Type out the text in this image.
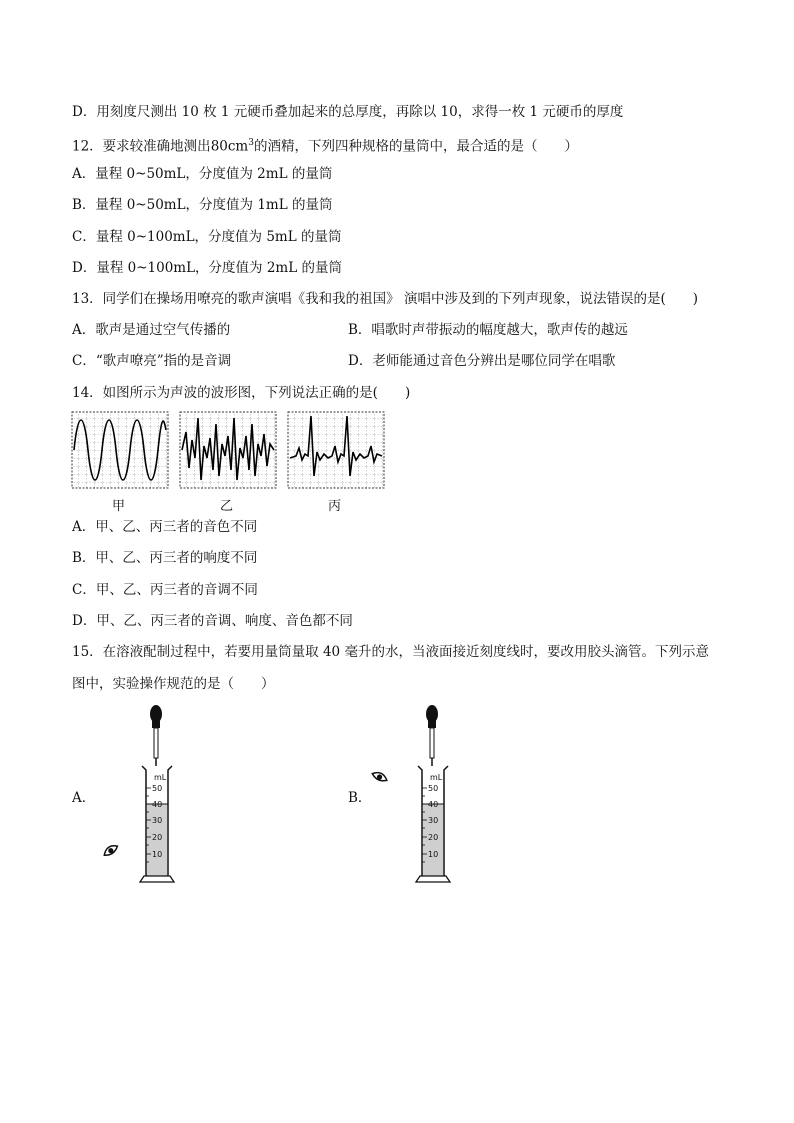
D．用刻度尺测出 10 枚 1 元硬币叠加起来的总厚度，再除以 10，求得一枚 1 元硬币的厚度
12．要求较准确地测出$80cm^3$的酒精，下列四种规格的量筒中，最合适的是（　　）
A．量程 0~50mL，分度值为 2mL 的量筒
B．量程 0~50mL，分度值为 1mL 的量筒
C．量程 0~100mL，分度值为 5mL 的量筒
D．量程 0~100mL，分度值为 2mL 的量筒
13．同学们在操场用嘹亮的歌声演唱《我和我的祖国》 演唱中涉及到的下列声现象，说法错误的是(　　)
A．歌声是通过空气传播的	B．唱歌时声带振动的幅度越大，歌声传的越远
C．“歌声嘹亮”指的是音调	D．老师能通过音色分辨出是哪位同学在唱歌
14．如图所示为声波的波形图，下列说法正确的是(　　)
甲	乙	丙
A．甲、乙、丙三者的音色不同
B．甲、乙、丙三者的响度不同
C．甲、乙、丙三者的音调不同
D．甲、乙、丙三者的音调、响度、音色都不同
15．在溶液配制过程中，若要用量筒量取 40 毫升的水，当液面接近刻度线时，要改用胶头滴管。下列示意
图中，实验操作规范的是（　　）
A．
mL
50
40
30
20
10
B．
mL
50
40
30
20
10
